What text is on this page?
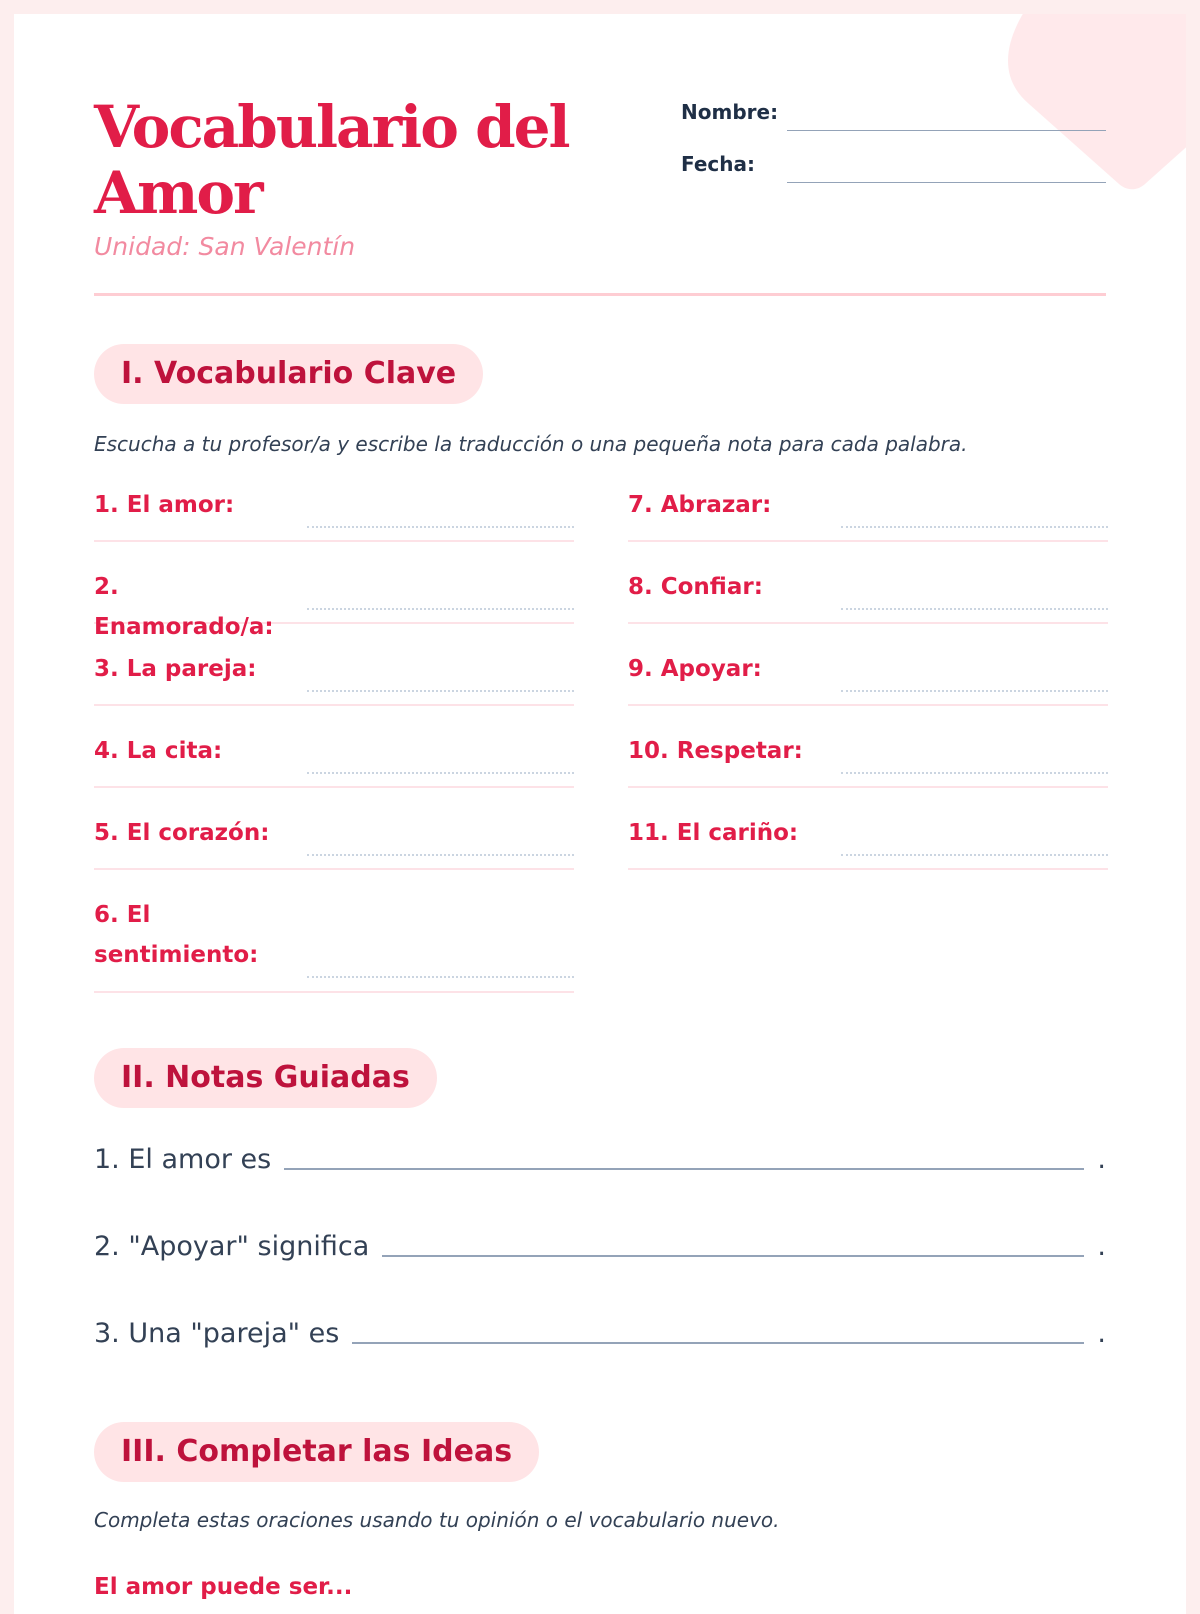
Vocabulario del Amor
Unidad: San Valentín
Nombre:
Fecha:
I. Vocabulario Clave
Escucha a tu profesor/a y escribe la traducción o una pequeña nota para cada palabra.
1. El amor:
2. Enamorado/a:
3. La pareja:
4. La cita:
5. El corazón:
6. El sentimiento:
7. Abrazar:
8. Confiar:
9. Apoyar:
10. Respetar:
11. El cariño:
II. Notas Guiadas
1. El amor es	.
2. "Apoyar" significa	.
3. Una "pareja" es	.
III. Completar las Ideas
Completa estas oraciones usando tu opinión o el vocabulario nuevo.
El amor puede ser...
